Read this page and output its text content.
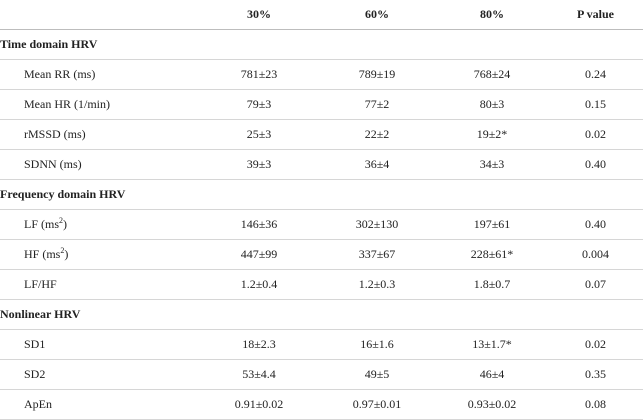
	30%	60%	80%	P value
Time domain HRV				
Mean RR (ms)	781±23	789±19	768±24	0.24
Mean HR (1/min)	79±3	77±2	80±3	0.15
rMSSD (ms)	25±3	22±2	19±2*	0.02
SDNN (ms)	39±3	36±4	34±3	0.40
Frequency domain HRV				
LF $(ms^2)$	146±36	302±130	197±61	0.40
HF $(ms^2)$	447±99	337±67	228±61*	0.004
LF/HF	1.2±0.4	1.2±0.3	1.8±0.7	0.07
Nonlinear HRV				
SD1	18±2.3	16±1.6	13±1.7*	0.02
SD2	53±4.4	49±5	46±4	0.35
ApEn	0.91±0.02	0.97±0.01	0.93±0.02	0.08
